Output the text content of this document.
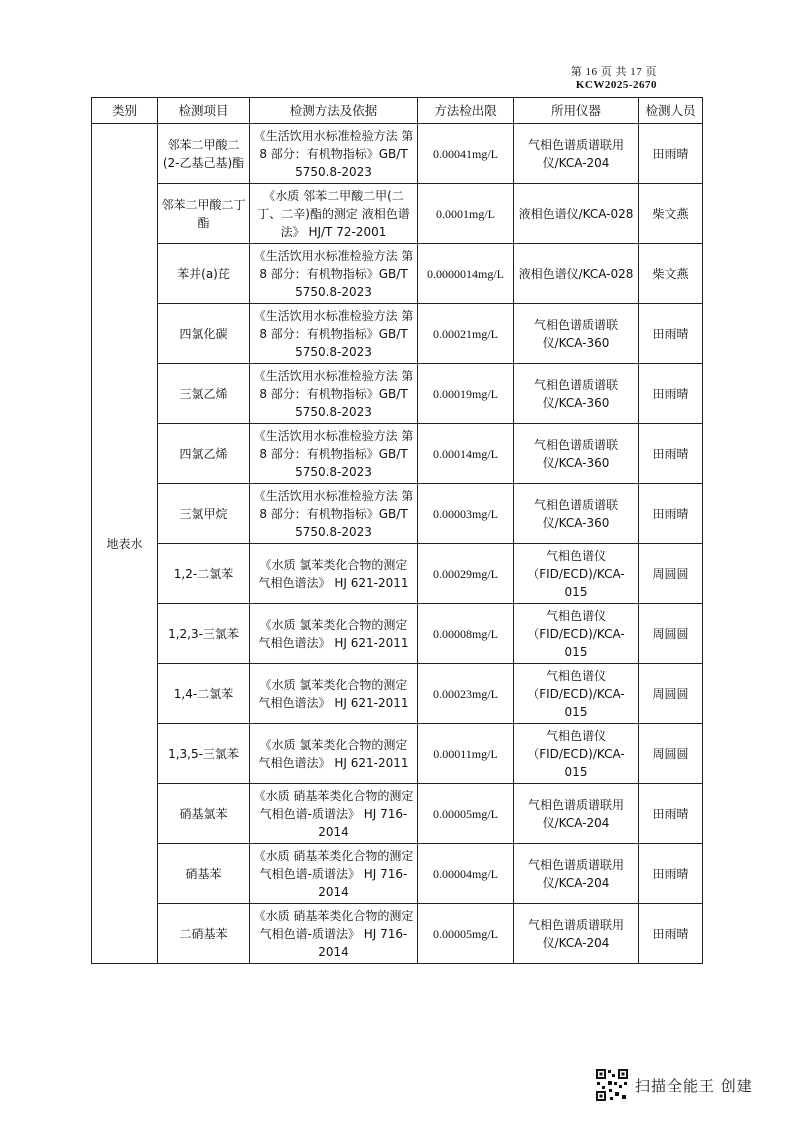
第 16 页 共 17 页
KCW2025-2670
类别	检测项目	检测方法及依据	方法检出限	所用仪器	检测人员
地表水	邻苯二甲酸二(2-乙基己基)酯	《生活饮用水标准检验方法 第 8 部分：有机物指标》GB/T 5750.8-2023	0.00041mg/L	气相色谱质谱联用仪/KCA-204	田雨晴
	邻苯二甲酸二丁酯	《水质 邻苯二甲酸二甲(二丁、二辛)酯的测定 液相色谱法》 HJ/T 72-2001	0.0001mg/L	液相色谱仪/KCA-028	柴文燕
	苯并(a)芘	《生活饮用水标准检验方法 第 8 部分：有机物指标》GB/T 5750.8-2023	0.0000014mg/L	液相色谱仪/KCA-028	柴文燕
	四氯化碳	《生活饮用水标准检验方法 第 8 部分：有机物指标》GB/T 5750.8-2023	0.00021mg/L	气相色谱质谱联仪/KCA-360	田雨晴
	三氯乙烯	《生活饮用水标准检验方法 第 8 部分：有机物指标》GB/T 5750.8-2023	0.00019mg/L	气相色谱质谱联仪/KCA-360	田雨晴
	四氯乙烯	《生活饮用水标准检验方法 第 8 部分：有机物指标》GB/T 5750.8-2023	0.00014mg/L	气相色谱质谱联仪/KCA-360	田雨晴
	三氯甲烷	《生活饮用水标准检验方法 第 8 部分：有机物指标》GB/T 5750.8-2023	0.00003mg/L	气相色谱质谱联仪/KCA-360	田雨晴
	1,2-二氯苯	《水质 氯苯类化合物的测定 气相色谱法》 HJ 621-2011	0.00029mg/L	气相色谱仪（FID/ECD)/KCA-015	周圆圆
	1,2,3-三氯苯	《水质 氯苯类化合物的测定 气相色谱法》 HJ 621-2011	0.00008mg/L	气相色谱仪（FID/ECD)/KCA-015	周圆圆
	1,4-二氯苯	《水质 氯苯类化合物的测定 气相色谱法》 HJ 621-2011	0.00023mg/L	气相色谱仪（FID/ECD)/KCA-015	周圆圆
	1,3,5-三氯苯	《水质 氯苯类化合物的测定 气相色谱法》 HJ 621-2011	0.00011mg/L	气相色谱仪（FID/ECD)/KCA-015	周圆圆
	硝基氯苯	《水质 硝基苯类化合物的测定 气相色谱-质谱法》 HJ 716-2014	0.00005mg/L	气相色谱质谱联用仪/KCA-204	田雨晴
	硝基苯	《水质 硝基苯类化合物的测定 气相色谱-质谱法》 HJ 716-2014	0.00004mg/L	气相色谱质谱联用仪/KCA-204	田雨晴
	二硝基苯	《水质 硝基苯类化合物的测定 气相色谱-质谱法》 HJ 716-2014	0.00005mg/L	气相色谱质谱联用仪/KCA-204	田雨晴
扫描全能王 创建
